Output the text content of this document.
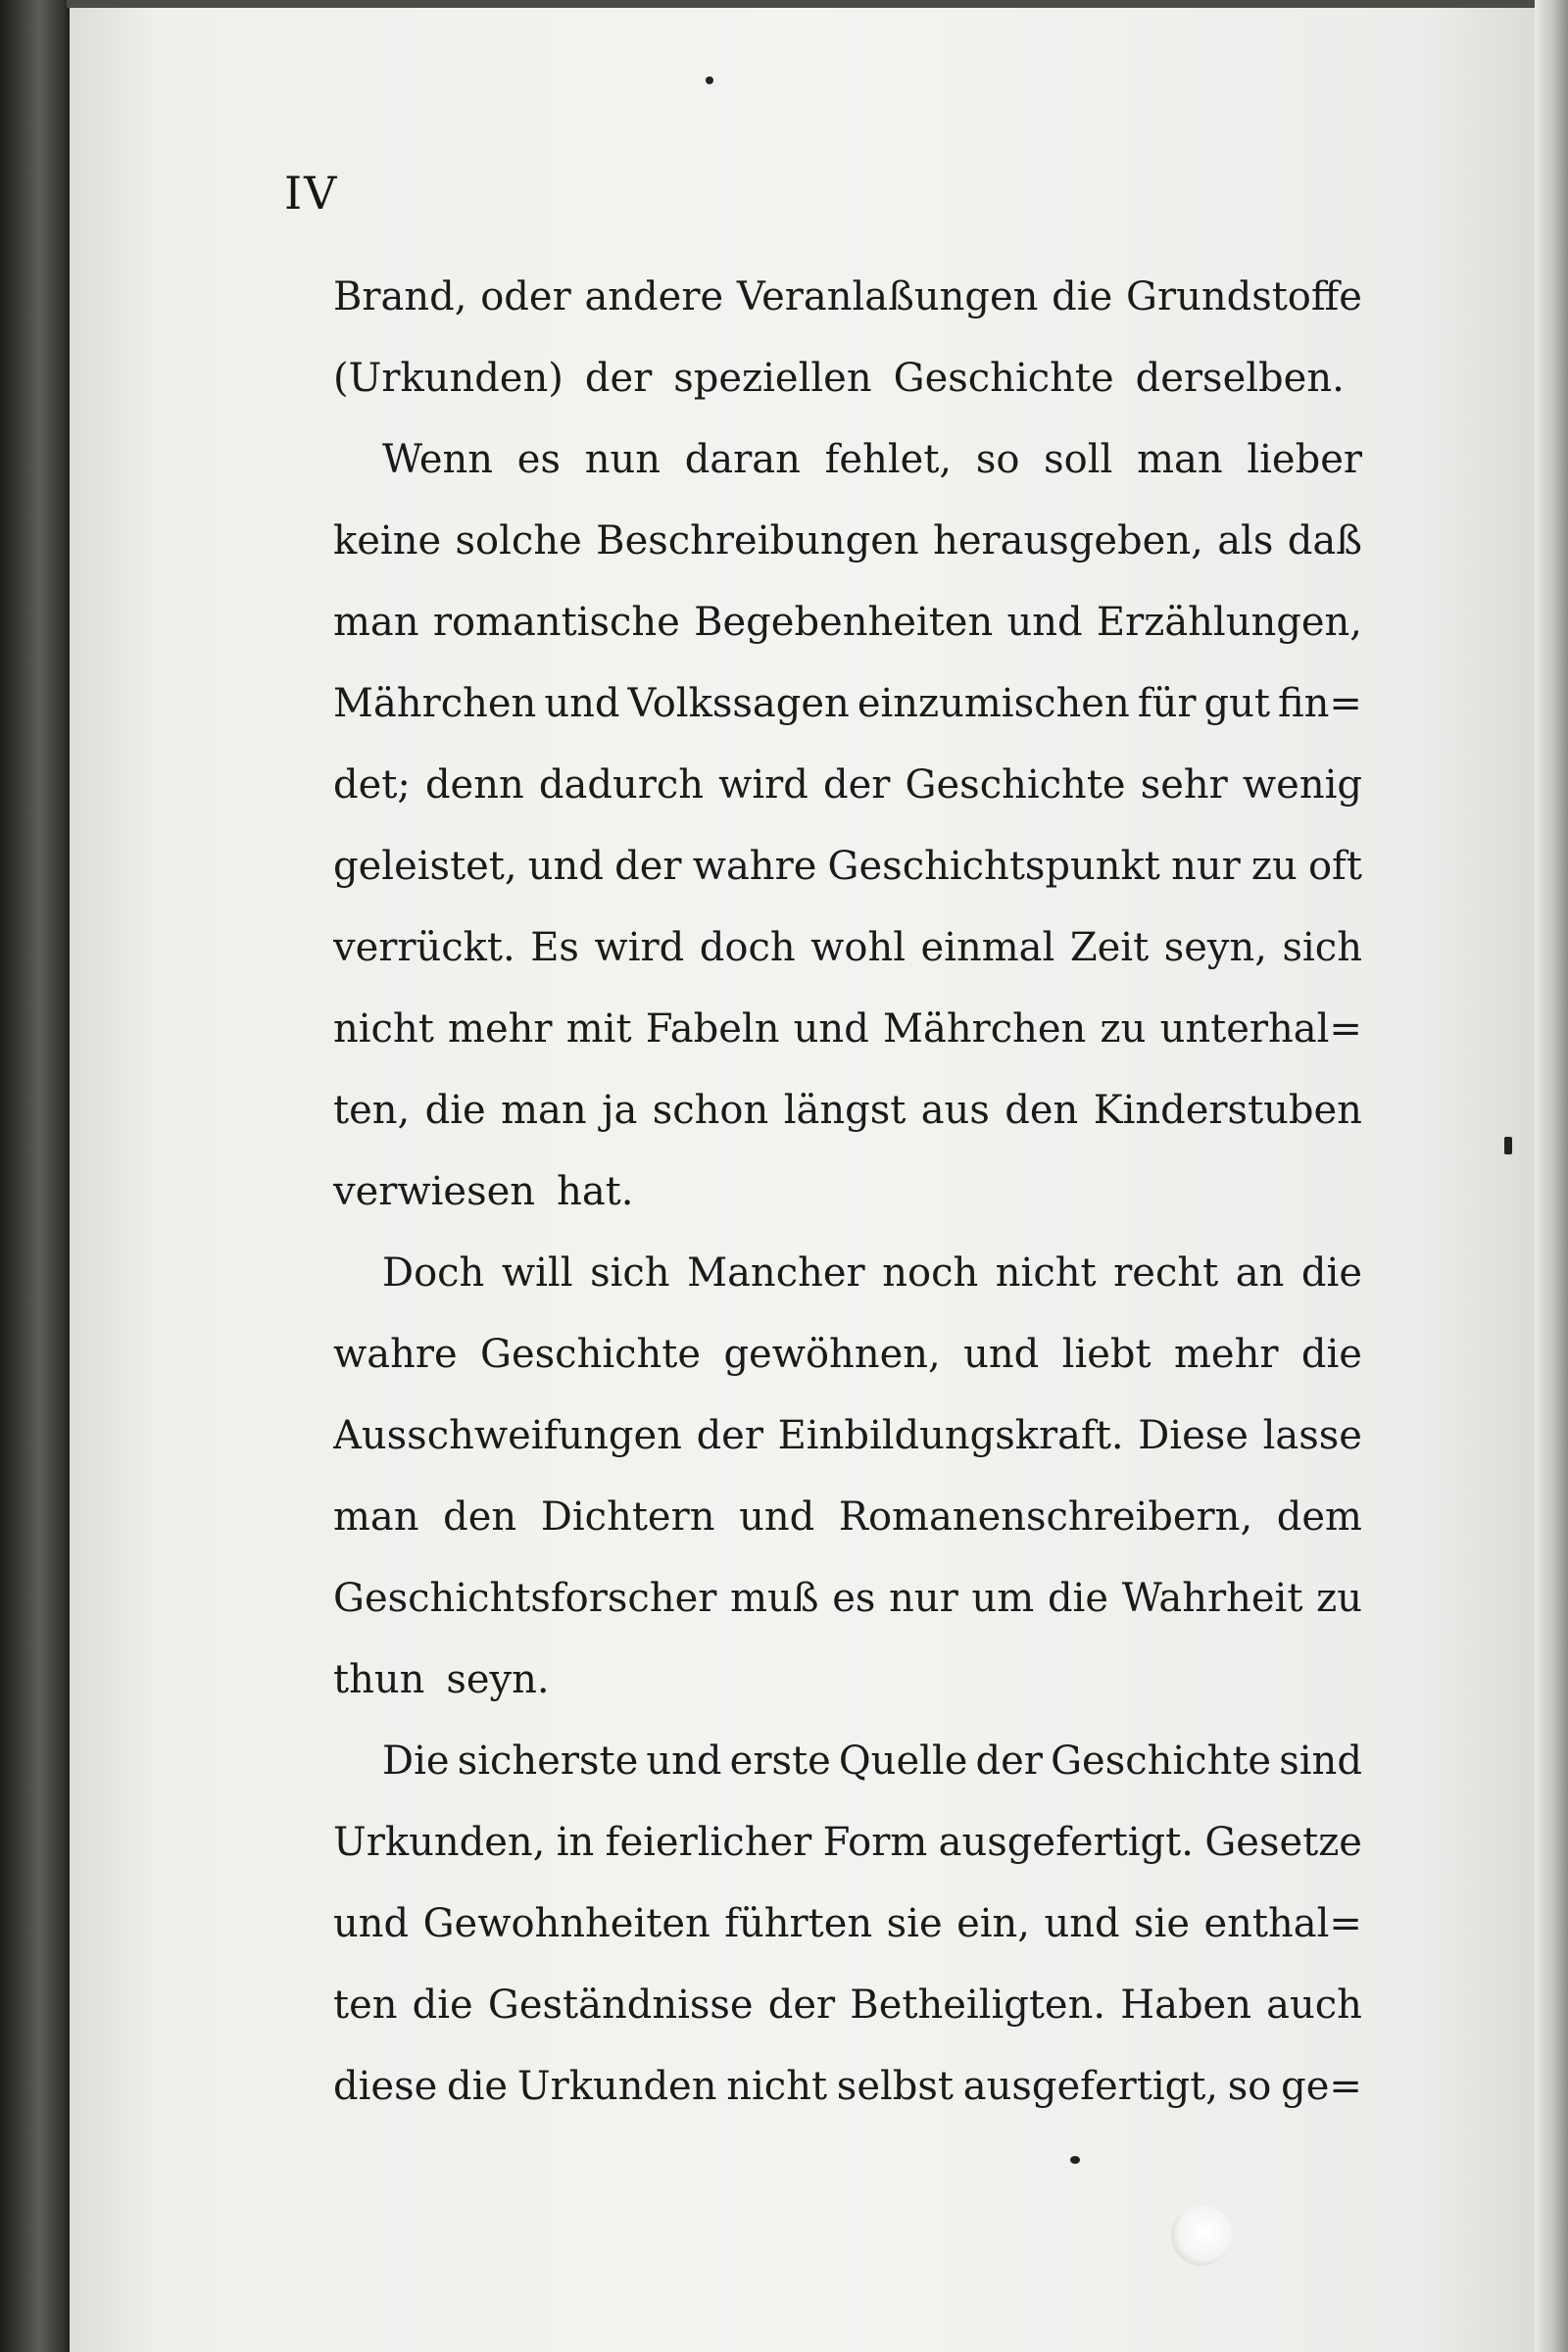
IV
Brand, oder andere Veranlaßungen die Grundstoffe
(Urkunden) der speziellen Geschichte derselben.
Wenn es nun daran fehlet, so soll man lieber
keine solche Beschreibungen herausgeben, als daß
man romantische Begebenheiten und Erzählungen,
Mährchen und Volkssagen einzumischen für gut fin=
det; denn dadurch wird der Geschichte sehr wenig
geleistet, und der wahre Geschichtspunkt nur zu oft
verrückt. Es wird doch wohl einmal Zeit seyn, sich
nicht mehr mit Fabeln und Mährchen zu unterhal=
ten, die man ja schon längst aus den Kinderstuben
verwiesen hat.
Doch will sich Mancher noch nicht recht an die
wahre Geschichte gewöhnen, und liebt mehr die
Ausschweifungen der Einbildungskraft. Diese lasse
man den Dichtern und Romanenschreibern, dem
Geschichtsforscher muß es nur um die Wahrheit zu
thun seyn.
Die sicherste und erste Quelle der Geschichte sind
Urkunden, in feierlicher Form ausgefertigt. Gesetze
und Gewohnheiten führten sie ein, und sie enthal=
ten die Geständnisse der Betheiligten. Haben auch
diese die Urkunden nicht selbst ausgefertigt, so ge=
